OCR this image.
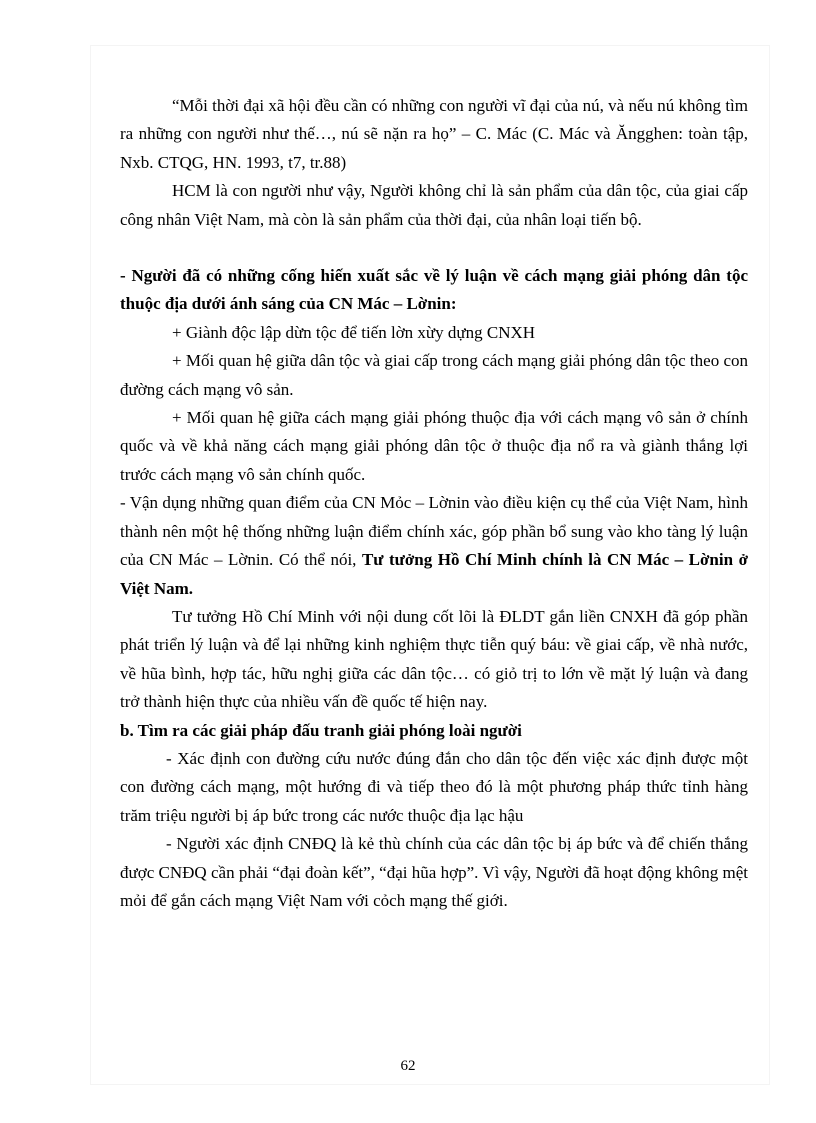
“Mỗi thời đại xã hội đều cần có những con người vĩ đại của nú, và nếu nú không tìm ra những con người như thế…, nú sẽ nặn ra họ” – C. Mác (C. Mác và Ăngghen: toàn tập, Nxb. CTQG, HN. 1993, t7, tr.88)

HCM là con người như vậy, Người không chỉ là sản phẩm của dân tộc, của giai cấp công nhân Việt Nam, mà còn là sản phẩm của thời đại, của nhân loại tiến bộ.

- Người đã có những cống hiến xuất sắc về lý luận về cách mạng giải phóng dân tộc thuộc địa dưới ánh sáng của CN Mác – Lờnin:

+ Giành độc lập dừn tộc để tiến lờn xừy dựng CNXH

+ Mối quan hệ giữa dân tộc và giai cấp trong cách mạng giải phóng dân tộc theo con đường cách mạng vô sản.

+ Mối quan hệ giữa cách mạng giải phóng thuộc địa với cách mạng vô sản ở chính quốc và về khả năng cách mạng giải phóng dân tộc ở thuộc địa nổ ra và giành thắng lợi trước cách mạng vô sản chính quốc.

- Vận dụng những quan điểm của CN Mỏc – Lờnin vào điều kiện cụ thể của Việt Nam, hình thành nên một hệ thống những luận điểm chính xác, góp phần bổ sung vào kho tàng lý luận của CN Mác – Lờnin. Có thể nói, Tư tưởng Hồ Chí Minh chính là CN Mác – Lờnin ở Việt Nam.

Tư tưởng Hồ Chí Minh với nội dung cốt lõi là ĐLDT gắn liền CNXH đã góp phần phát triển lý luận và để lại những kinh nghiệm thực tiễn quý báu: về giai cấp, về nhà nước, về hũa bình, hợp tác, hữu nghị giữa các dân tộc… có giỏ trị to lớn về mặt lý luận và đang trở thành hiện thực của nhiều vấn đề quốc tế hiện nay.

b. Tìm ra các giải pháp đấu tranh giải phóng loài người

- Xác định con đường cứu nước đúng đắn cho dân tộc đến việc xác định được một con đường cách mạng, một hướng đi và tiếp theo đó là một phương pháp thức tỉnh hàng trăm triệu người bị áp bức trong các nước thuộc địa lạc hậu

- Người xác định CNĐQ là kẻ thù chính của các dân tộc bị áp bức và để chiến thắng được CNĐQ cần phải “đại đoàn kết”, “đại hũa hợp”. Vì vậy, Người đã hoạt động không mệt mỏi để gắn cách mạng Việt Nam với cỏch mạng thế giới.

62
